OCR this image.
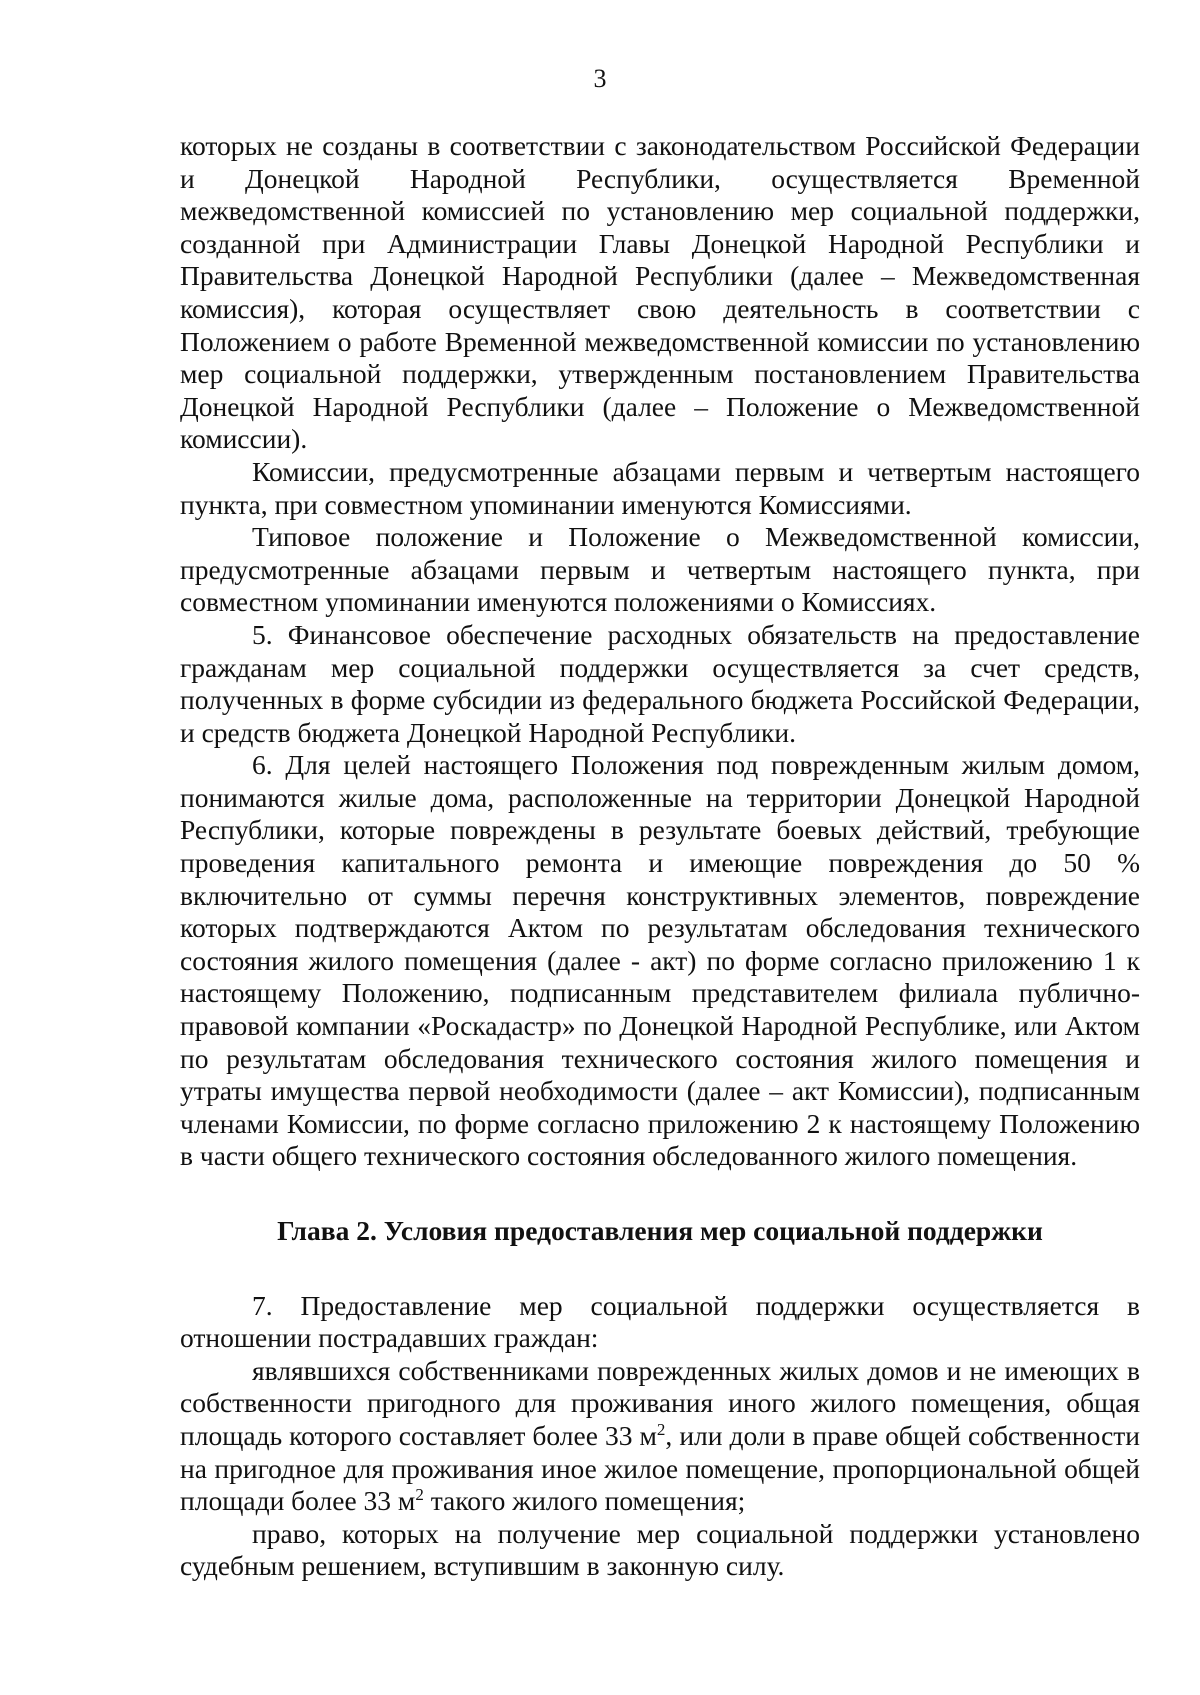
3

которых не созданы в соответствии с законодательством Российской Федерации и Донецкой Народной Республики, осуществляется Временной межведомственной комиссией по установлению мер социальной поддержки, созданной при Администрации Главы Донецкой Народной Республики и Правительства Донецкой Народной Республики (далее – Межведомственная комиссия), которая осуществляет свою деятельность в соответствии с Положением о работе Временной межведомственной комиссии по установлению мер социальной поддержки, утвержденным постановлением Правительства Донецкой Народной Республики (далее – Положение о Межведомственной комиссии).

Комиссии, предусмотренные абзацами первым и четвертым настоящего пункта, при совместном упоминании именуются Комиссиями.

Типовое положение и Положение о Межведомственной комиссии, предусмотренные абзацами первым и четвертым настоящего пункта, при совместном упоминании именуются положениями о Комиссиях.

5. Финансовое обеспечение расходных обязательств на предоставление гражданам мер социальной поддержки осуществляется за счет средств, полученных в форме субсидии из федерального бюджета Российской Федерации, и средств бюджета Донецкой Народной Республики.

6. Для целей настоящего Положения под поврежденным жилым домом, понимаются жилые дома, расположенные на территории Донецкой Народной Республики, которые повреждены в результате боевых действий, требующие проведения капитального ремонта и имеющие повреждения до 50 % включительно от суммы перечня конструктивных элементов, повреждение которых подтверждаются Актом по результатам обследования технического состояния жилого помещения (далее - акт) по форме согласно приложению 1 к настоящему Положению, подписанным представителем филиала публично-правовой компании «Роскадастр» по Донецкой Народной Республике, или Актом по результатам обследования технического состояния жилого помещения и утраты имущества первой необходимости (далее – акт Комиссии), подписанным членами Комиссии, по форме согласно приложению 2 к настоящему Положению в части общего технического состояния обследованного жилого помещения.

Глава 2. Условия предоставления мер социальной поддержки

7. Предоставление мер социальной поддержки осуществляется в отношении пострадавших граждан:

являвшихся собственниками поврежденных жилых домов и не имеющих в собственности пригодного для проживания иного жилого помещения, общая площадь которого составляет более 33 $м^2$, или доли в праве общей собственности на пригодное для проживания иное жилое помещение, пропорциональной общей площади более 33 $м^2$ такого жилого помещения;

право, которых на получение мер социальной поддержки установлено судебным решением, вступившим в законную силу.
